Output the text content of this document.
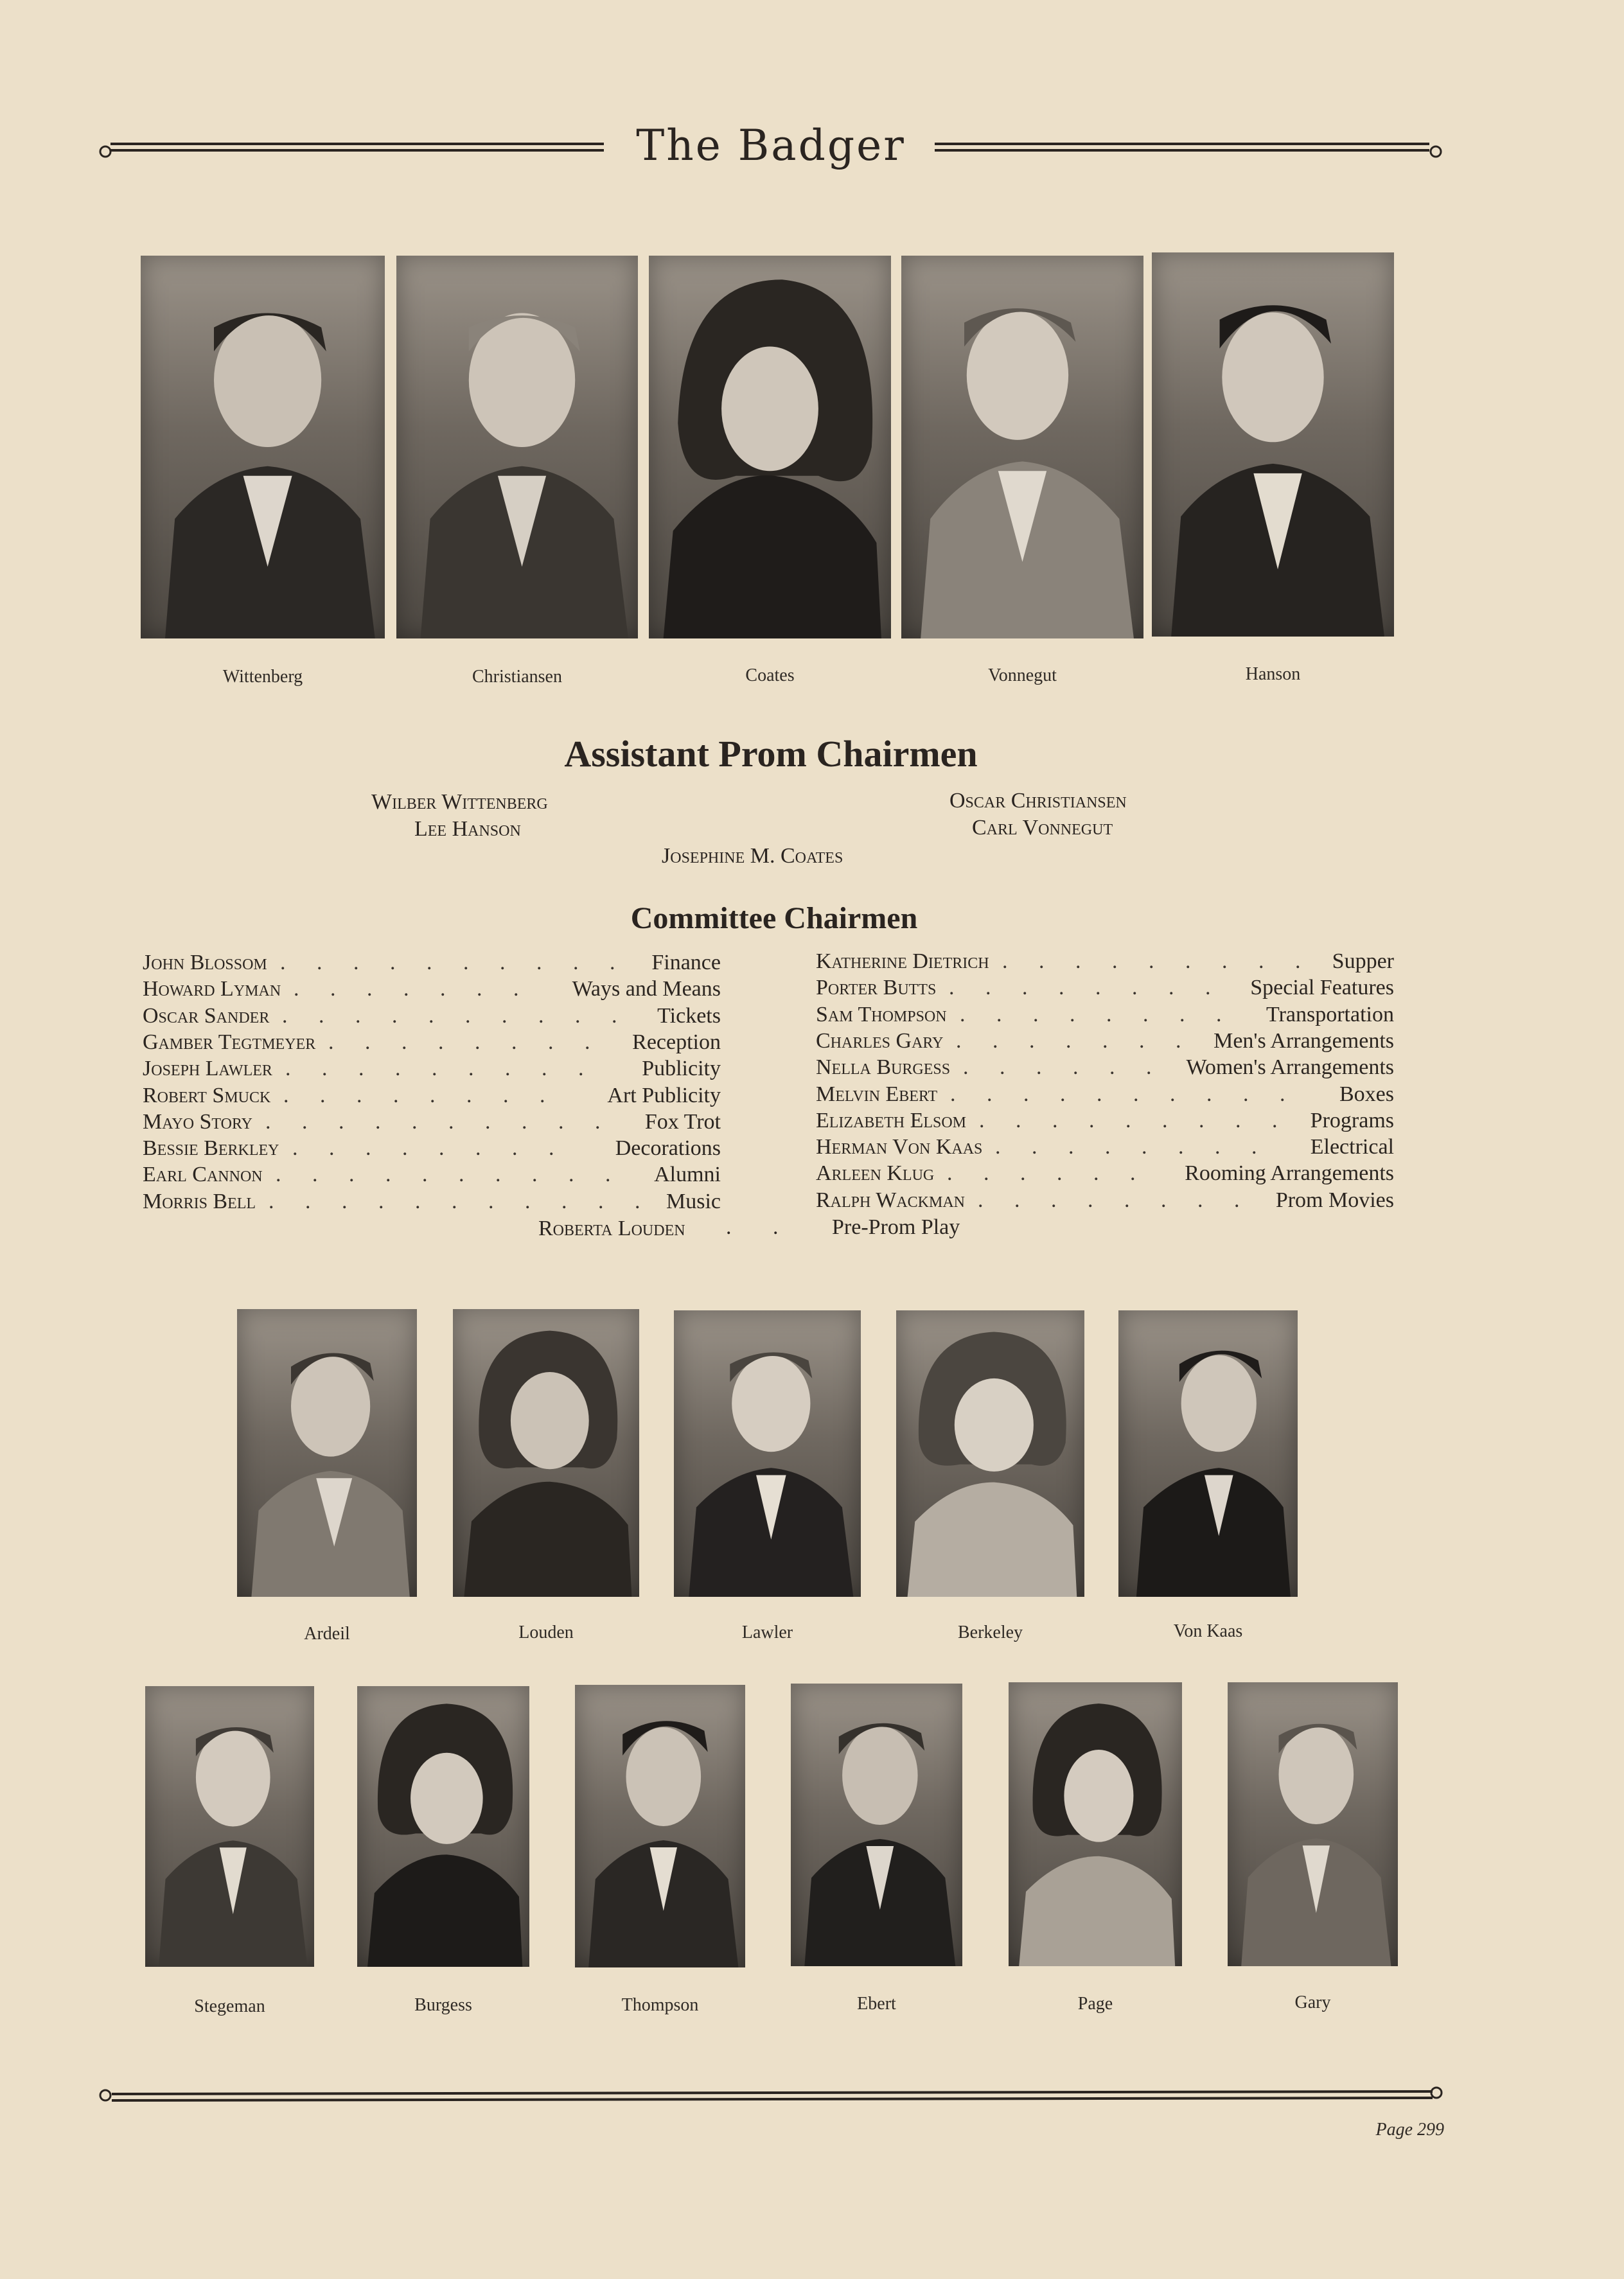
The Badger
Wittenberg	Christiansen	Coates	Vonnegut	Hanson
Assistant Prom Chairmen
Wilber Wittenberg	Oscar Christiansen
Lee Hanson	Carl Vonnegut
Josephine M. Coates
Committee Chairmen
John Blossom . . . . . . . . . . Finance
Howard Lyman . . . . . . . Ways and Means
Oscar Sander . . . . . . . . . . Tickets
Gamber Tegtmeyer . . . . . . . . Reception
Joseph Lawler . . . . . . . . . Publicity
Robert Smuck . . . . . . . . Art Publicity
Mayo Story . . . . . . . . . . Fox Trot
Bessie Berkley . . . . . . . . Decorations
Earl Cannon . . . . . . . . . . Alumni
Morris Bell . . . . . . . . . . . Music
Katherine Dietrich . . . . . . . . . Supper
Porter Butts . . . . . . . . Special Features
Sam Thompson . . . . . . . . Transportation
Charles Gary . . . . . . . Men's Arrangements
Nella Burgess . . . . . . Women's Arrangements
Melvin Ebert . . . . . . . . . . Boxes
Elizabeth Elsom . . . . . . . . . Programs
Herman Von Kaas . . . . . . . . Electrical
Arleen Klug . . . . . . Rooming Arrangements
Ralph Wackman . . . . . . . . Prom Movies
Roberta Louden . . Pre-Prom Play
Ardeil	Louden	Lawler	Berkeley	Von Kaas
Stegeman	Burgess	Thompson	Ebert	Page	Gary
Page 299
